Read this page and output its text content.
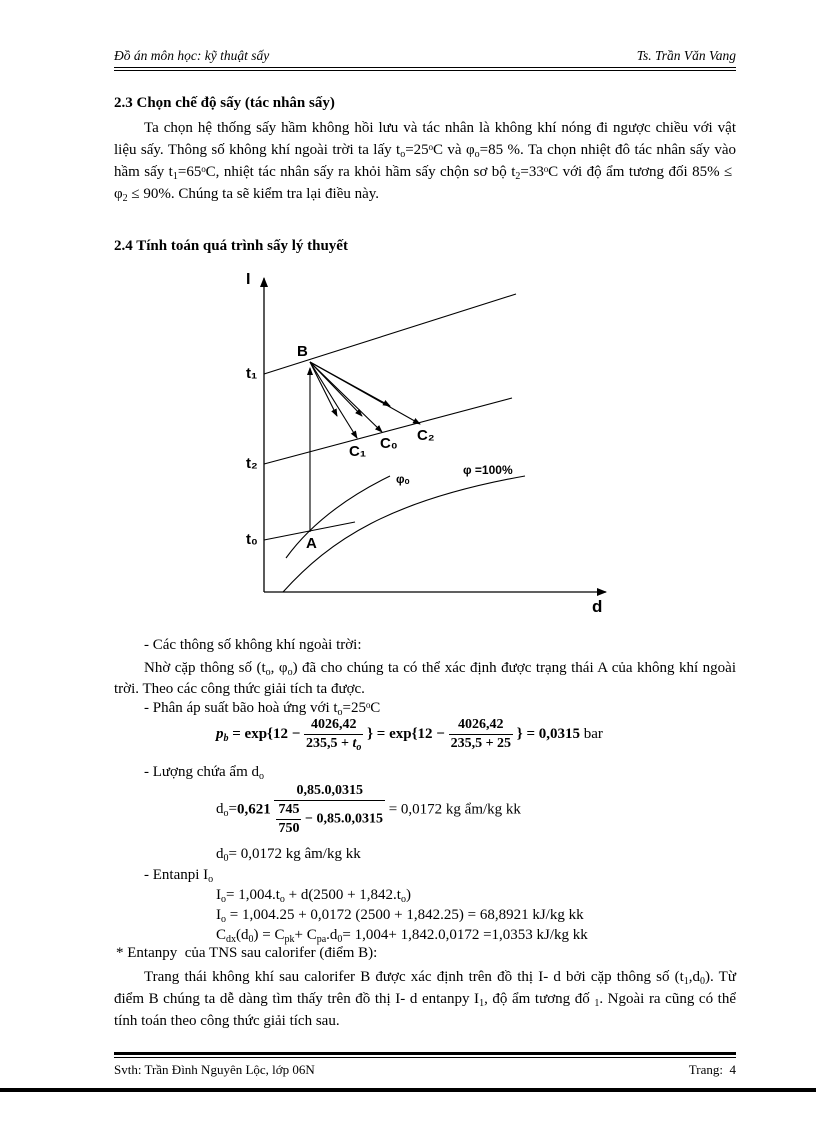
Đồ án môn học: kỹ thuật sấy	Ts. Trần Văn Vang
2.3 Chọn chế độ sấy (tác nhân sấy)
Ta chọn hệ thống sấy hầm không hồi lưu và tác nhân là không khí nóng đi ngược chiều với vật liệu sấy. Thông số không khí ngoài trời ta lấy $t_o=25ᵒC$ và $\varphi_o=85$ %. Ta chọn nhiệt đô tác nhân sấy vào hầm sấy $t_1=65ᵒC$, nhiệt tác nhân sấy ra khỏi hầm sấy chộn sơ bộ $t_2=33ᵒC$ với độ ẩm tương đối $85\% \le \varphi_2 \le 90\%$. Chúng ta sẽ kiểm tra lại điều này.
2.4 Tính toán quá trình sấy lý thuyết
I
d
t₁
t₂
t₀
B
A
C₁ C₀ C₂
φₒ
φ =100%
- Các thông số không khí ngoài trời:
Nhờ cặp thông số ($t_o$, $\varphi_o$) đã cho chúng ta có thể xác định được trạng thái A của không khí ngoài trời. Theo các công thức giải tích ta được.
- Phân áp suất bão hoà ứng với $t_o=25ᵒC$
$p_b = \exp\{12 - \frac{4026,42}{235,5 + t_o}$ } = $\exp\{12 - \frac{4026,42}{235,5 + 25}$ } = 0,0315 bar
- Lượng chứa ẩm $d_o$
$d_o=0,621 \frac{0,85.0,0315}{\frac{745}{750} - 0,85.0,0315} = 0,0172$ kg ẩm/kg kk
$d_0= 0,0172$ kg âm/kg kk
- Entanpi $I_o$
$I_o= 1,004.t_o + d(2500 + 1,842.t_o)$
$I_o = 1,004.25 + 0,0172$ (2500 + 1,842.25) = 68,8921 kJ/kg kk
$C_{dx}(d_0) = C_{pk}+ C_{pa}.d_0= 1,004+ 1,842.0,0172 =1,0353$ kJ/kg kk
* Entanpy  của TNS sau calorifer (điểm B):
Trang thái không khí sau calorifer B được xác định trên đồ thị I- d bởi cặp thông số $(t_1,d_0)$. Từ điểm B chúng ta dễ dàng tìm thấy trên đồ thị I- d entanpy $I_1$, độ ẩm tương đố $_1$. Ngoài ra cũng có thể tính toán theo công thức giải tích sau.
Svth: Trần Đình Nguyên Lộc, lớp 06N	Trang:  4
